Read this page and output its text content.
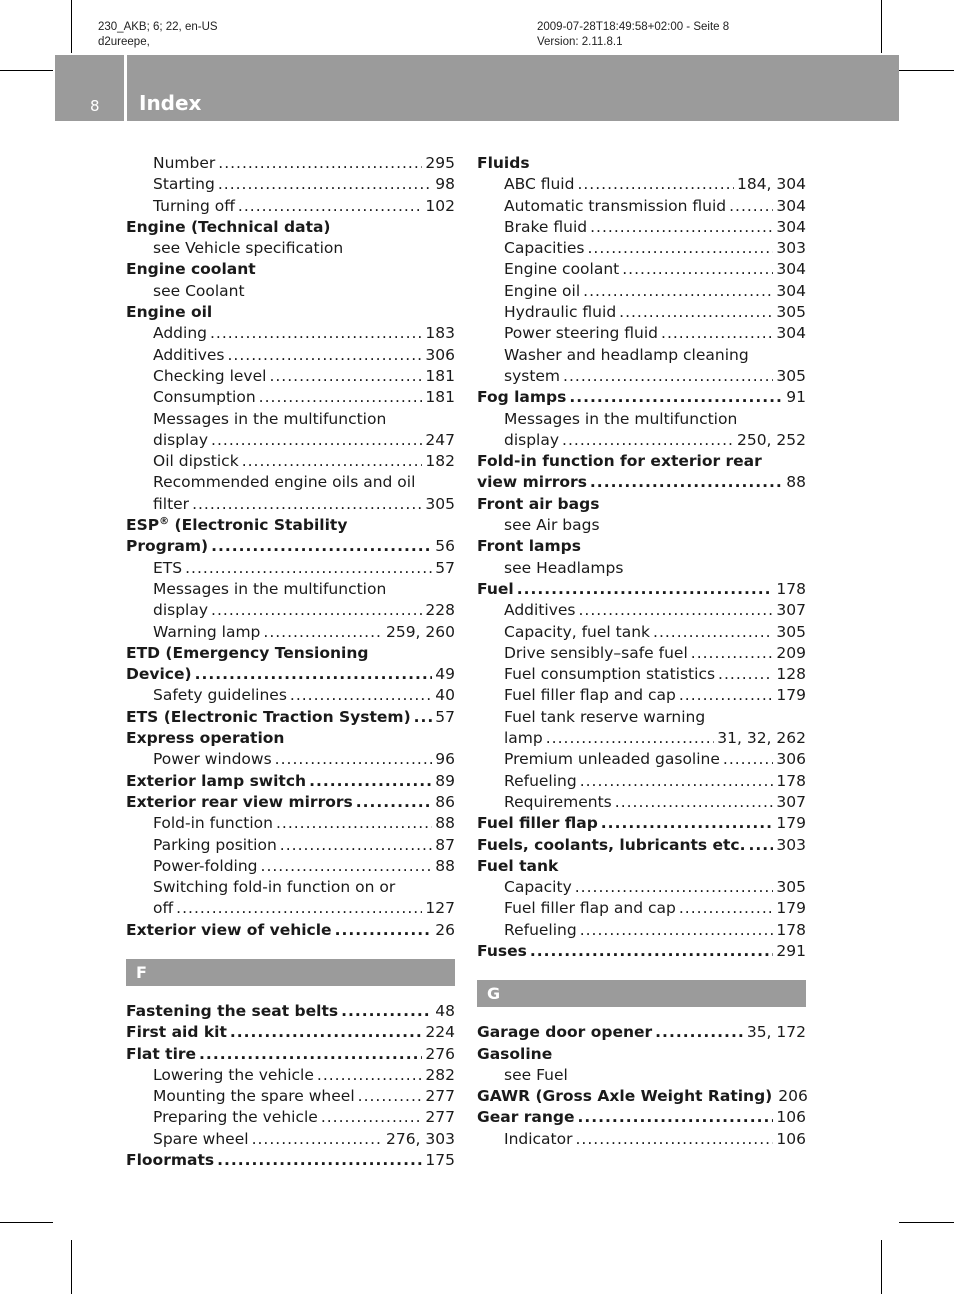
230_AKB; 6; 22, en-US
d2ureepe,
2009-07-28T18:49:58+02:00 - Seite 8
Version: 2.11.8.1
8 Index
Number .....	295
Starting .....	98
Turning off .....	102
Engine (Technical data)
see Vehicle specification
Engine coolant
see Coolant
Engine oil
Adding .....	183
Additives .....	306
Checking level .....	181
Consumption .....	181
Messages in the multifunction
display .....	247
Oil dipstick .....	182
Recommended engine oils and oil
filter .....	305
ESP® (Electronic Stability
Program) .....	56
ETS .....	57
Messages in the multifunction
display .....	228
Warning lamp .....	259, 260
ETD (Emergency Tensioning
Device) .....	49
Safety guidelines .....	40
ETS (Electronic Traction System) ..... 57
Express operation
Power windows .....	96
Exterior lamp switch .....	89
Exterior rear view mirrors .....	86
Fold-in function .....	88
Parking position .....	87
Power-folding .....	88
Switching fold-in function on or
off .....	127
Exterior view of vehicle .....	26
F
Fastening the seat belts .....	48
First aid kit .....	224
Flat tire .....	276
Lowering the vehicle .....	282
Mounting the spare wheel .....	277
Preparing the vehicle .....	277
Spare wheel .....	276, 303
Floormats .....	175
Fluids
ABC fluid .....	184, 304
Automatic transmission fluid .....	304
Brake fluid .....	304
Capacities .....	303
Engine coolant .....	304
Engine oil .....	304
Hydraulic fluid .....	305
Power steering fluid .....	304
Washer and headlamp cleaning
system .....	305
Fog lamps .....	91
Messages in the multifunction
display .....	250, 252
Fold-in function for exterior rear
view mirrors .....	88
Front air bags
see Air bags
Front lamps
see Headlamps
Fuel .....	178
Additives .....	307
Capacity, fuel tank .....	305
Drive sensibly–safe fuel .....	209
Fuel consumption statistics .....	128
Fuel filler flap and cap .....	179
Fuel tank reserve warning
lamp .....	31, 32, 262
Premium unleaded gasoline .....	306
Refueling .....	178
Requirements .....	307
Fuel filler flap .....	179
Fuels, coolants, lubricants etc. ..... 303
Fuel tank
Capacity .....	305
Fuel filler flap and cap .....	179
Refueling .....	178
Fuses .....	291
G
Garage door opener .....	35, 172
Gasoline
see Fuel
GAWR (Gross Axle Weight Rating) 206
Gear range .....	106
Indicator .....	106
